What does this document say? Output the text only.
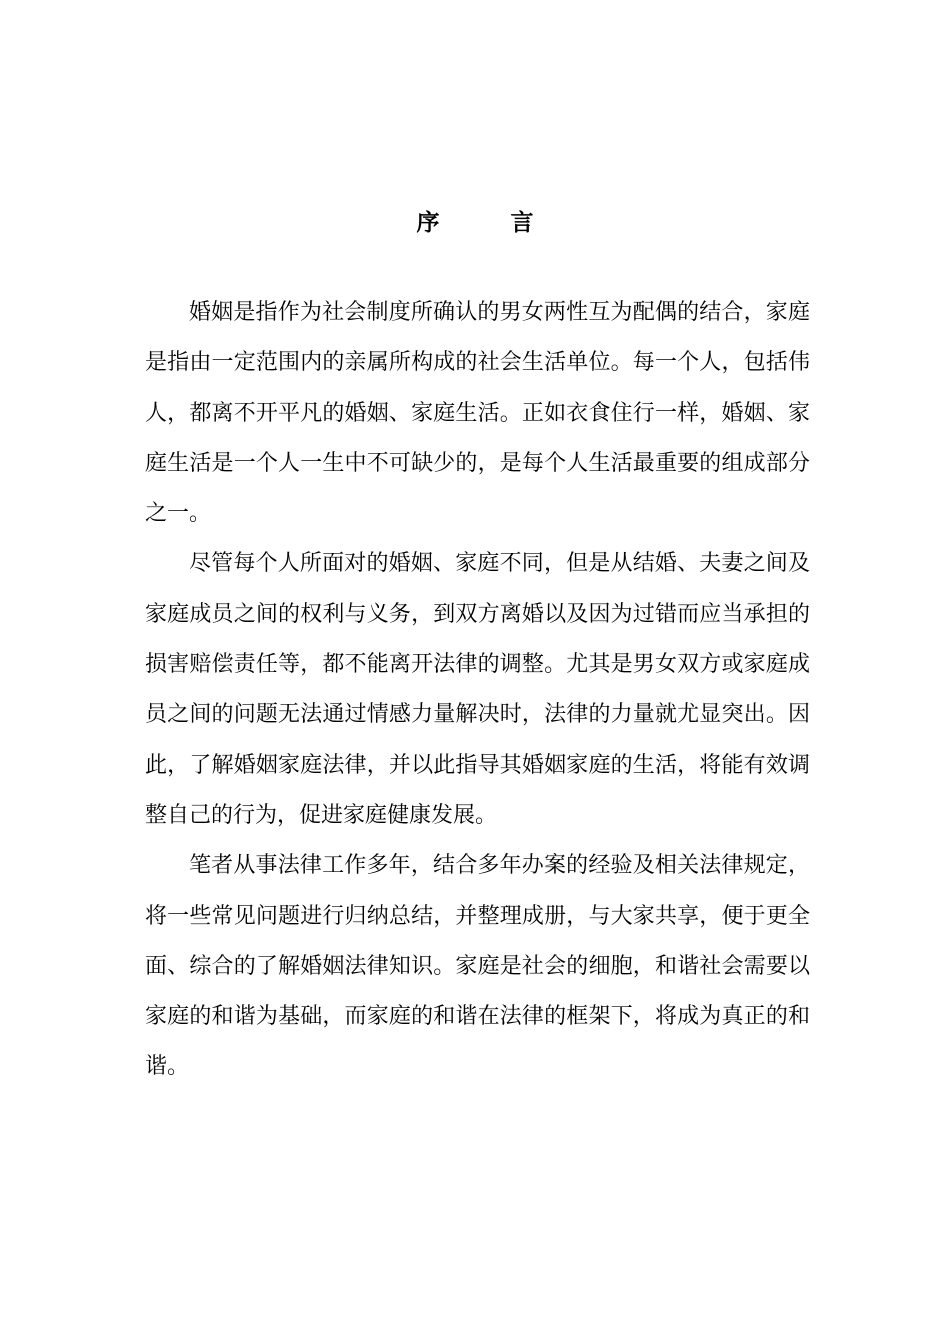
序　言

婚姻是指作为社会制度所确认的男女两性互为配偶的结合，家庭是指由一定范围内的亲属所构成的社会生活单位。每一个人，包括伟人，都离不开平凡的婚姻、家庭生活。正如衣食住行一样，婚姻、家庭生活是一个人一生中不可缺少的，是每个人生活最重要的组成部分之一。

尽管每个人所面对的婚姻、家庭不同，但是从结婚、夫妻之间及家庭成员之间的权利与义务，到双方离婚以及因为过错而应当承担的损害赔偿责任等，都不能离开法律的调整。尤其是男女双方或家庭成员之间的问题无法通过情感力量解决时，法律的力量就尤显突出。因此，了解婚姻家庭法律，并以此指导其婚姻家庭的生活，将能有效调整自己的行为，促进家庭健康发展。

笔者从事法律工作多年，结合多年办案的经验及相关法律规定，将一些常见问题进行归纳总结，并整理成册，与大家共享，便于更全面、综合的了解婚姻法律知识。家庭是社会的细胞，和谐社会需要以家庭的和谐为基础，而家庭的和谐在法律的框架下，将成为真正的和谐。
